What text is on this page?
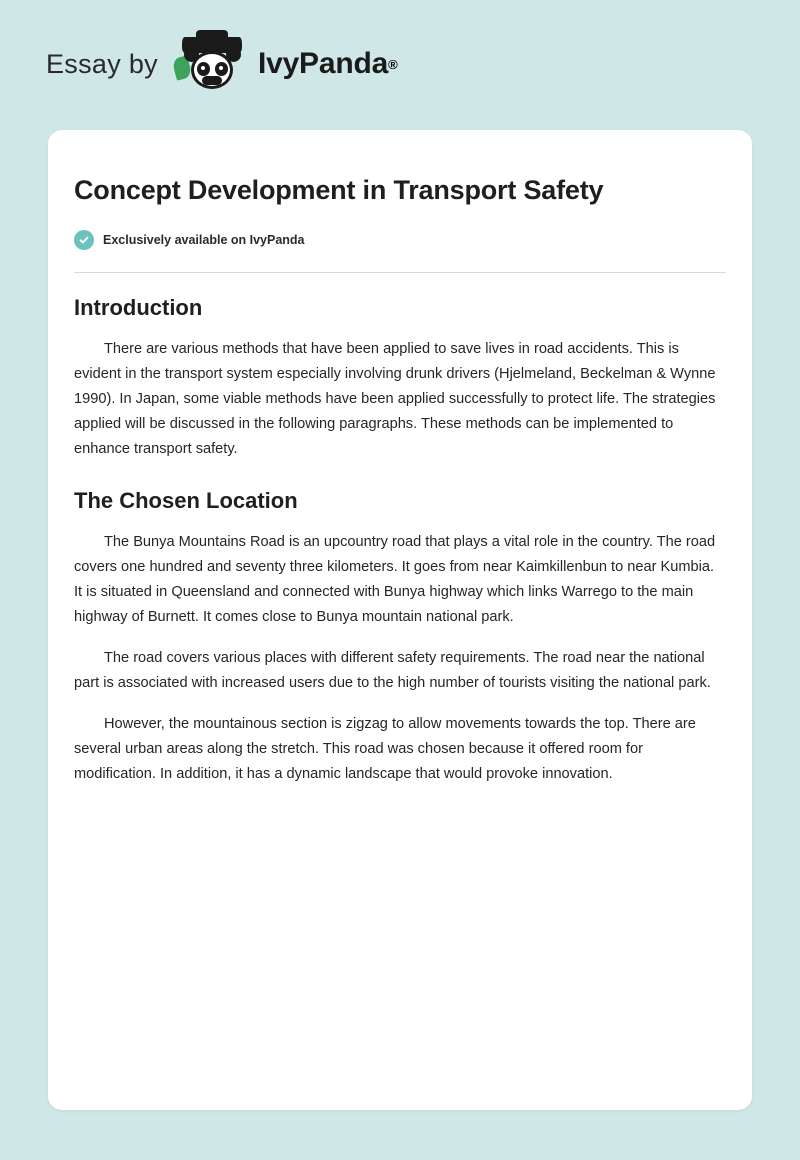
Essay by	IvyPanda ®
Concept Development in Transport Safety
Exclusively available on IvyPanda
Introduction

There are various methods that have been applied to save lives in road accidents. This is evident in the transport system especially involving drunk drivers (Hjelmeland, Beckelman & Wynne 1990). In Japan, some viable methods have been applied successfully to protect life. The strategies applied will be discussed in the following paragraphs. These methods can be implemented to enhance transport safety.

The Chosen Location

The Bunya Mountains Road is an upcountry road that plays a vital role in the country. The road covers one hundred and seventy three kilometers. It goes from near Kaimkillenbun to near Kumbia. It is situated in Queensland and connected with Bunya highway which links Warrego to the main highway of Burnett. It comes close to Bunya mountain national park.

The road covers various places with different safety requirements. The road near the national part is associated with increased users due to the high number of tourists visiting the national park.

However, the mountainous section is zigzag to allow movements towards the top. There are several urban areas along the stretch. This road was chosen because it offered room for modification. In addition, it has a dynamic landscape that would provoke innovation.
